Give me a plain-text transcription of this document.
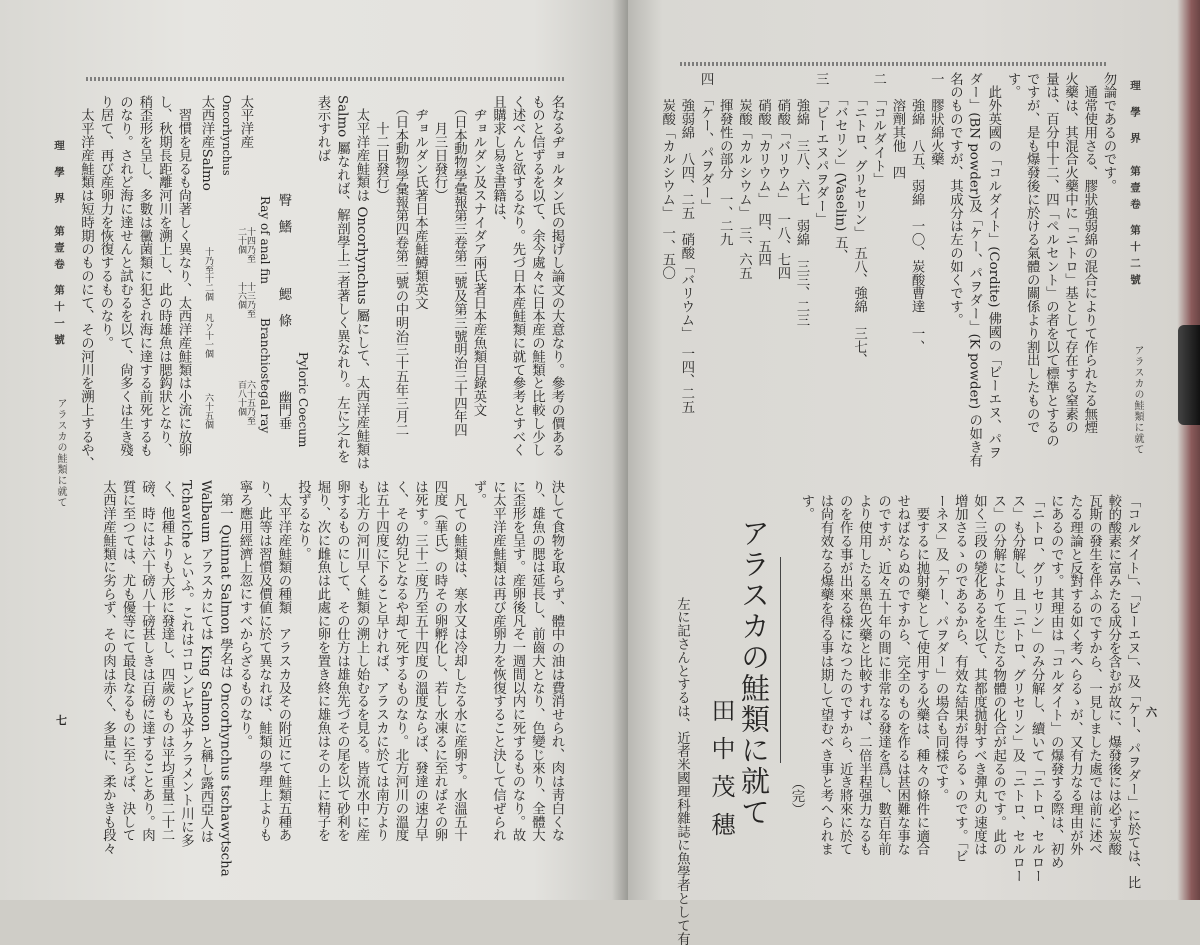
理 學 界　第壹卷 第十一號
アラスカの鮭類に就て
七
名なるヂョルタン氏の掲げし論文の大意なり。參考の價ある
ものと信ずるを以て、余今處々に日本産の鮭類と比較し少し
く述べんと欲するなり。先づ日本産鮭類に就て參考とすべく
且購求し易き書籍は、
　ヂョルダン及スナイダア兩氏著日本産魚類目錄英文
　（日本動物學彙報第三卷第二號及第三號明治三十四年四
　　月三日發行）
　ヂョルダン氏著日本産鮭鱒類英文
　（日本動物學彙報第四卷第二號の中明治三十五年三月二
　　十二日發行）
　太平洋産鮭類は Oncorhynchus 屬にして、太西洋産鮭類は
Salmo 屬なれば、解剖學上二者著しく異なれり。左に之れを
表示すれば
臀　鰭
鰓　條
幽門垂
Ray of anal fin
Branchiostegal ray Pyloric Coecum
太平洋産
Oncorhynchus
十四乃至
二十個
十三乃至
十六個
六十五乃至
百八十個
太西洋産Salmo
十乃至十二個
凡ソ十一個
六十五個
　習慣を見るも尙著しく異なり、太西洋産鮭類は小流に放卵
し、秋期長距離河川を溯上し、此の時雄魚は腮鈎狀となり、
稍歪形を呈し、多數は黴菌類に犯され海に達する前死するも
のなり。されど海に達せんと試むるを以て、尙多くは生き殘
り居て、再び産卵力を恢復するものなり。
　太平洋産鮭類は短時期のものにて、その河川を溯上するや、
決して食物を取らず、體中の油は費消せられ、肉は靑白くな
り、雄魚の腮は延長し、前齒大となり、色變じ來り、全體大
に歪形を呈す。産卵後凡そ一週間以内に死するものなり。故
に太平洋産鮭類は再び産卵力を恢復すること決して信ぜられ
ず。
　凡ての鮭類は、寒水又は冷却したる水に産卵す。水溫五十
四度（華氏）の時その卵孵化し、若し水凍るに至ればその卵
は死す。三十二度乃至五十四度の溫度ならば、發達の速力早
く、その幼兒となるや却て死するものなり。北方河川の溫度
は五十四度に下ること早ければ、アラスカに於ては南方より
も北方の河川早く鮭類の溯上し始むるを見る。皆流水中に産
卵するものにして、その仕方は雄魚先づその尾を以て砂利を
堀り、次に雌魚は此處に卵を置き終に雄魚はその上に精子を
投ずるなり。
　太平洋産鮭類の種類　アラスカ及その附近にて鮭類五種あ
り、此等は習慣及價値に於て異なれば、鮭類の學理上よりも
寧ろ應用經濟上忽にすべからざるものなり。
　第一 Quinnat Salmon 學名は Oncorhynchus tschawytscha
Walbaum アラスカにては King Salmon と稱し露西亞人は
Tchaviche といふ。これはコロンビヤ及サクラメント川に多
く、他種よりも大形に發達し、四歲のものは平均重量二十二
磅、時には六十磅八十磅甚しきは百磅に達することあり。肉
質に至つては、尤も優等にて最良なるものに至らば、決して
太西洋産鮭類に劣らず、その肉は赤く、多量に、柔かきも段々
理 學 界　第壹卷 第十二號
アラスカの鮭類に就て
六
勿論であるのです。
　通常使用さる、膠狀強弱綿の混合によりて作られたる無煙
火藥は、其混合火藥中に「ニトロ」基として存在する窒素の
量は、百分中十二、四「ペルセント」の者を以て標準とするの
ですが、是も爆發後に於ける氣體の關係より割出したもので
す。
　此外英國の「コルダイト」(Cordite) 佛國の「ビーエヌ、パヲ
ダー」(BN powder)及「ケー、パヲダー」(K powder) の如き有
名のものですが、其成分は左の如くです。
一　膠狀綿火藥
　　強綿　八五、弱綿　一〇、炭酸曹達　一、
　　溶劑其他　四
二　「コルダイト」
　　「ニトロ、グリセリン」　五八、強綿　三七、
　　「バセリン」(Vaselin) 五、
三　「ビーエヌパヲダー」
　　強綿　三八、六七　弱綿　三三、二三
　　硝酸「バリウム」　一八、七四
　　硝酸「カリウム」　四、五四
　　炭酸「カルシウム」　三、六五
　　揮發性の部分　一、二九
四　「ケー、パヲダー」
　　強弱綿　八四、二五　硝酸「バリウム」　一四、二五
　　炭酸「カルシウム」　一、五〇
「コルダイト」、「ビーエヌ」、及「ケー、パヲダー」に於ては、比
較的酸素に富みたる成分を含むが故に、爆發後には必ず炭酸
瓦斯の發生を伴ふのですから、一見しました處では前に述べ
たる理論と反對する如く考へらるゝが、又有力なる理由が外
にあるのです。其理由は「コルダイト」の爆發する際は、初め
「ニトロ、グリセリン」のみ分解し、續いて「ニトロ、セルロー
ス」も分解し、且「ニトロ、グリセリン」及「ニトロ、セルロー
ス」の分解によりて生じたる物體の化合が起るのです。此の
如く三段の變化あるを以て、其都度拋射すべき彈丸の速度は
增加さるゝのであるから、有效な結果が得らるゝのです。「ビ
ーネヌ」及「ケー、パヲダー」の場合も同樣です。
　要するに拋射藥として使用する火藥は、種々の條件に適合
せねばならぬのですから、完全のものを作るは甚困難な事な
のですが、近々五十年の間に非常なる發達を爲し、數百年前
より使用したる黑色火藥と比較すれば、二倍半程强力なるも
のを作る事が出來る樣になつたのですから、近き將來に於て
は尙有效なる爆藥を得る事は期して望むべき事と考へられま
す。
（完）
アラスカの鮭類に就て
田中茂穗
左に記さんとするは、近者米國理科雜誌に魚學者として有
